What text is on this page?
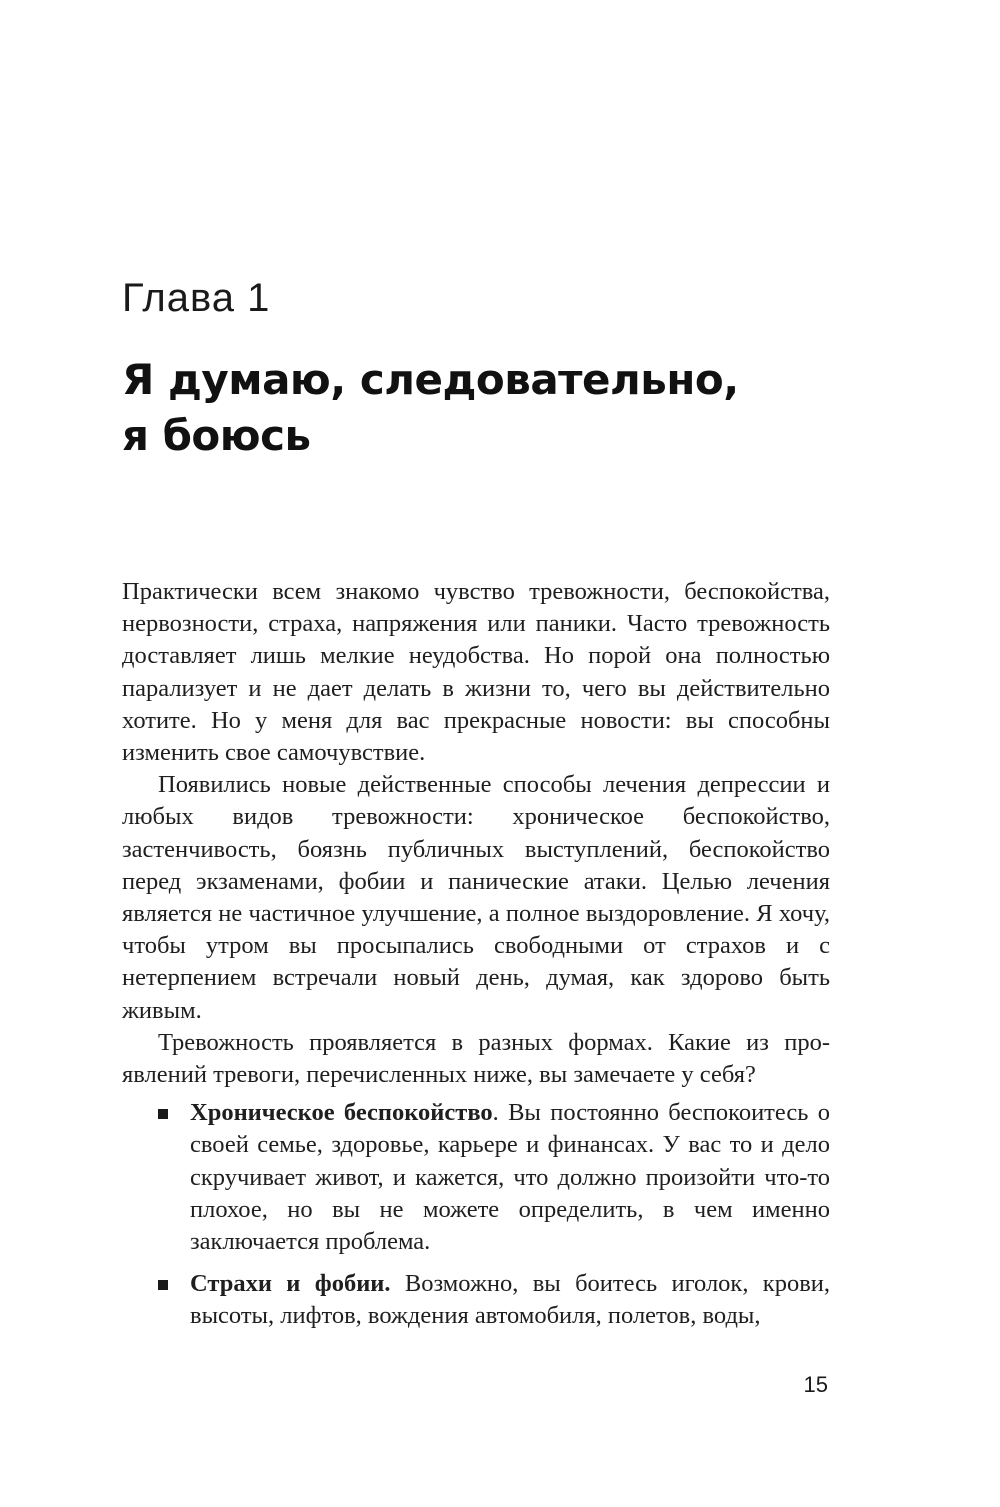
Глава 1
Я думаю, следовательно,
я боюсь

Практически всем знакомо чувство тревожности, беспокойства, нервозности, страха, напряжения или паники. Часто тревожность доставляет лишь мелкие неудобства. Но порой она полностью парализует и не дает делать в жизни то, чего вы действительно хотите. Но у меня для вас прекрасные новости: вы способны изменить свое самочувствие.

Появились новые действенные способы лечения депрессии и любых видов тревожности: хроническое беспокойство, застенчивость, боязнь публичных выступлений, беспокойство перед экзаменами, фобии и панические атаки. Целью лечения является не частичное улучшение, а полное выздоровление. Я хочу, чтобы утром вы просыпались свободными от страхов и с нетерпением встречали новый день, думая, как здорово быть живым.

Тревожность проявляется в разных формах. Какие из проявлений тревоги, перечисленных ниже, вы замечаете у себя?

Хроническое беспокойство. Вы постоянно беспокоитесь о своей семье, здоровье, карьере и финансах. У вас то и дело скручивает живот, и кажется, что должно произойти что-то плохое, но вы не можете определить, в чем именно заключается проблема.
Страхи и фобии. Возможно, вы боитесь иголок, крови, высоты, лифтов, вождения автомобиля, полетов, воды,
15
